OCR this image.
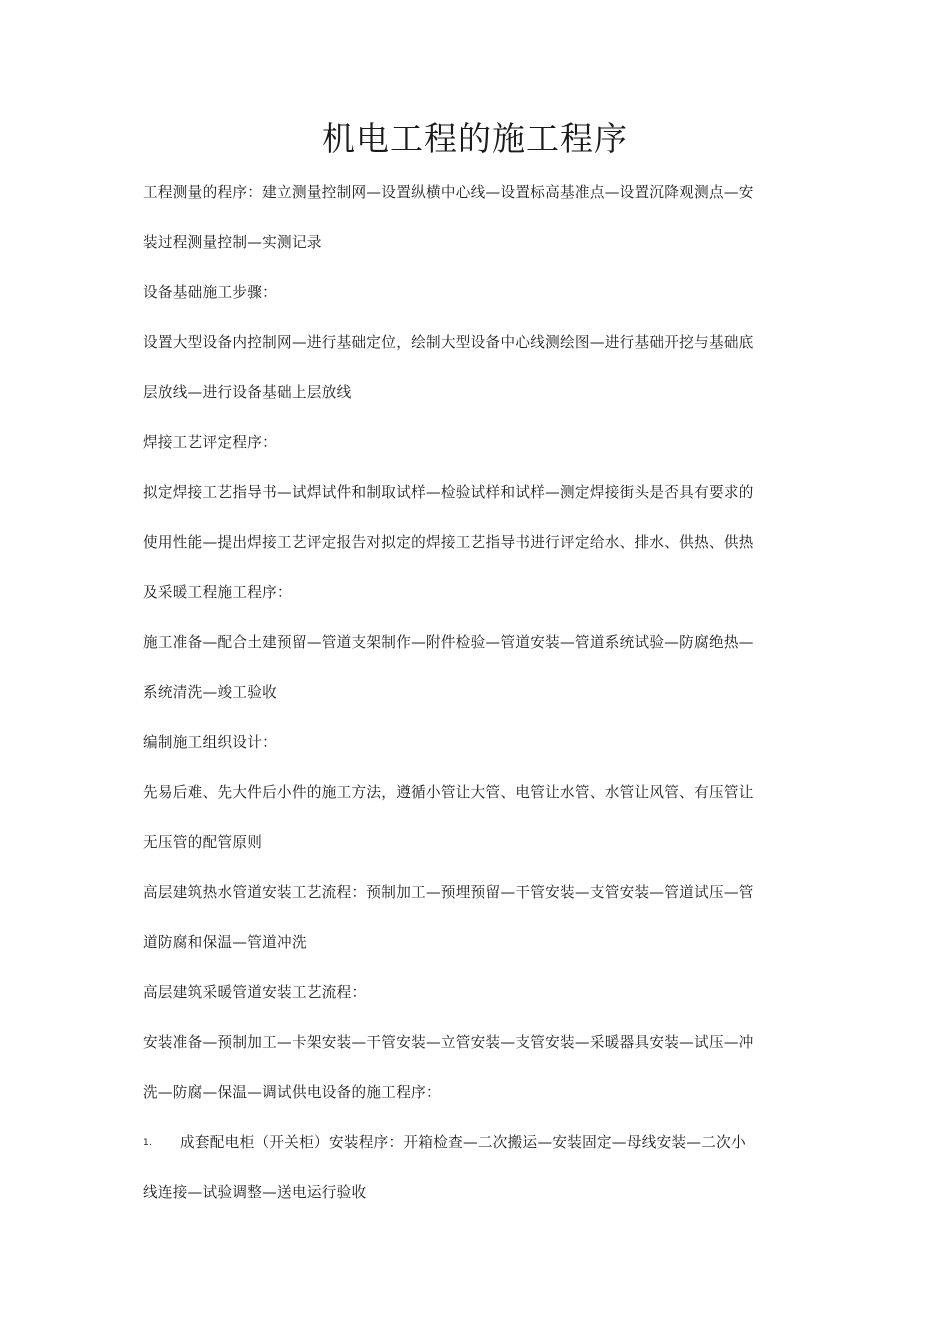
机电工程的施工程序
工程测量的程序：建立测量控制网—设置纵横中心线—设置标高基准点—设置沉降观测点—安
装过程测量控制—实测记录
设备基础施工步骤：
设置大型设备内控制网—进行基础定位，绘制大型设备中心线测绘图—进行基础开挖与基础底
层放线—进行设备基础上层放线
焊接工艺评定程序：
拟定焊接工艺指导书—试焊试件和制取试样—检验试样和试样—测定焊接街头是否具有要求的
使用性能—提出焊接工艺评定报告对拟定的焊接工艺指导书进行评定给水、排水、供热、供热
及采暖工程施工程序：
施工准备—配合土建预留—管道支架制作—附件检验—管道安装—管道系统试验—防腐绝热—
系统清洗—竣工验收
编制施工组织设计：
先易后难、先大件后小件的施工方法，遵循小管让大管、电管让水管、水管让风管、有压管让
无压管的配管原则
高层建筑热水管道安装工艺流程：预制加工—预埋预留—干管安装—支管安装—管道试压—管
道防腐和保温—管道冲洗
高层建筑采暖管道安装工艺流程：
安装准备—预制加工—卡架安装—干管安装—立管安装—支管安装—采暖器具安装—试压—冲
洗—防腐—保温—调试供电设备的施工程序：
1. 成套配电柜（开关柜）安装程序：开箱检查—二次搬运—安装固定—母线安装—二次小
线连接—试验调整—送电运行验收
